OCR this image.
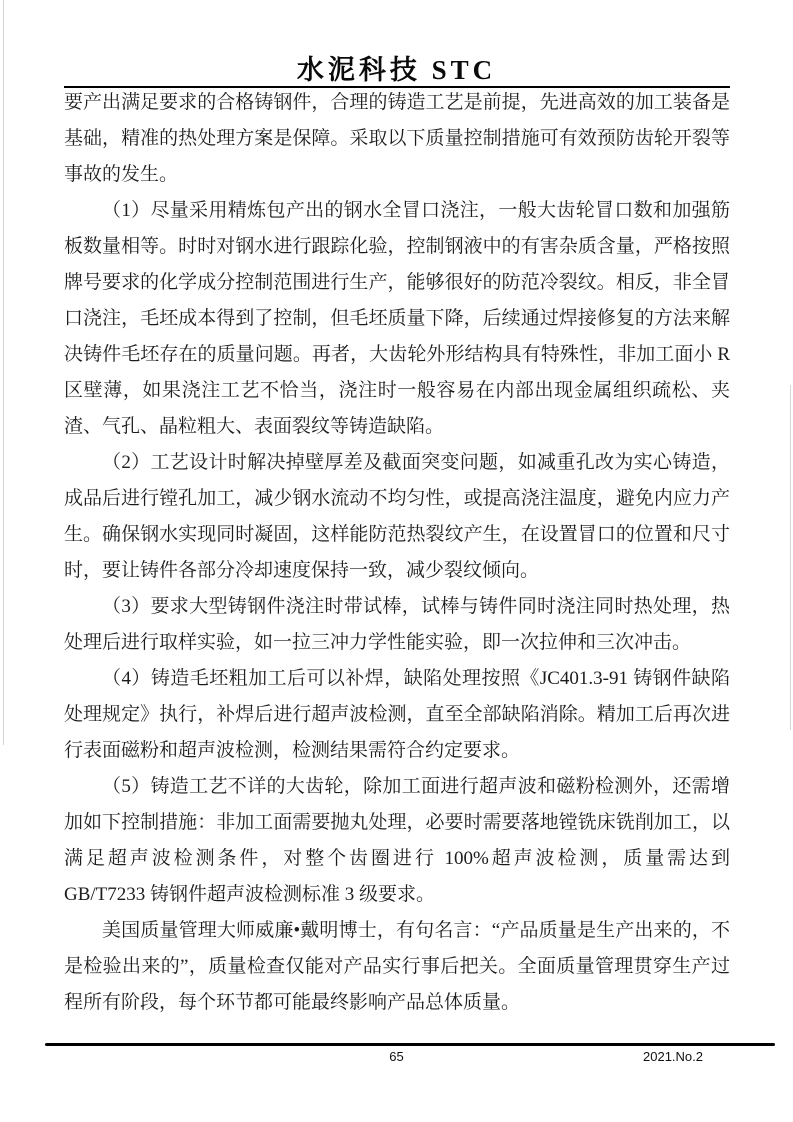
水泥科技 STC

要产出满足要求的合格铸钢件，合理的铸造工艺是前提，先进高效的加工装备是基础，精准的热处理方案是保障。采取以下质量控制措施可有效预防齿轮开裂等事故的发生。

（1）尽量采用精炼包产出的钢水全冒口浇注，一般大齿轮冒口数和加强筋板数量相等。时时对钢水进行跟踪化验，控制钢液中的有害杂质含量，严格按照牌号要求的化学成分控制范围进行生产，能够很好的防范冷裂纹。相反，非全冒口浇注，毛坯成本得到了控制，但毛坯质量下降，后续通过焊接修复的方法来解决铸件毛坯存在的质量问题。再者，大齿轮外形结构具有特殊性，非加工面小 R 区壁薄，如果浇注工艺不恰当，浇注时一般容易在内部出现金属组织疏松、夹渣、气孔、晶粒粗大、表面裂纹等铸造缺陷。

（2）工艺设计时解决掉壁厚差及截面突变问题，如减重孔改为实心铸造，成品后进行镗孔加工，减少钢水流动不均匀性，或提高浇注温度，避免内应力产生。确保钢水实现同时凝固，这样能防范热裂纹产生，在设置冒口的位置和尺寸时，要让铸件各部分冷却速度保持一致，减少裂纹倾向。

（3）要求大型铸钢件浇注时带试棒，试棒与铸件同时浇注同时热处理，热处理后进行取样实验，如一拉三冲力学性能实验，即一次拉伸和三次冲击。

（4）铸造毛坯粗加工后可以补焊，缺陷处理按照《JC401.3-91 铸钢件缺陷处理规定》执行，补焊后进行超声波检测，直至全部缺陷消除。精加工后再次进行表面磁粉和超声波检测，检测结果需符合约定要求。

（5）铸造工艺不详的大齿轮，除加工面进行超声波和磁粉检测外，还需增加如下控制措施：非加工面需要抛丸处理，必要时需要落地镗铣床铣削加工，以满足超声波检测条件，对整个齿圈进行 100%超声波检测，质量需达到 GB/T7233 铸钢件超声波检测标准 3 级要求。

美国质量管理大师威廉•戴明博士，有句名言：“产品质量是生产出来的，不是检验出来的”，质量检查仅能对产品实行事后把关。全面质量管理贯穿生产过程所有阶段，每个环节都可能最终影响产品总体质量。

65	2021.No.2
